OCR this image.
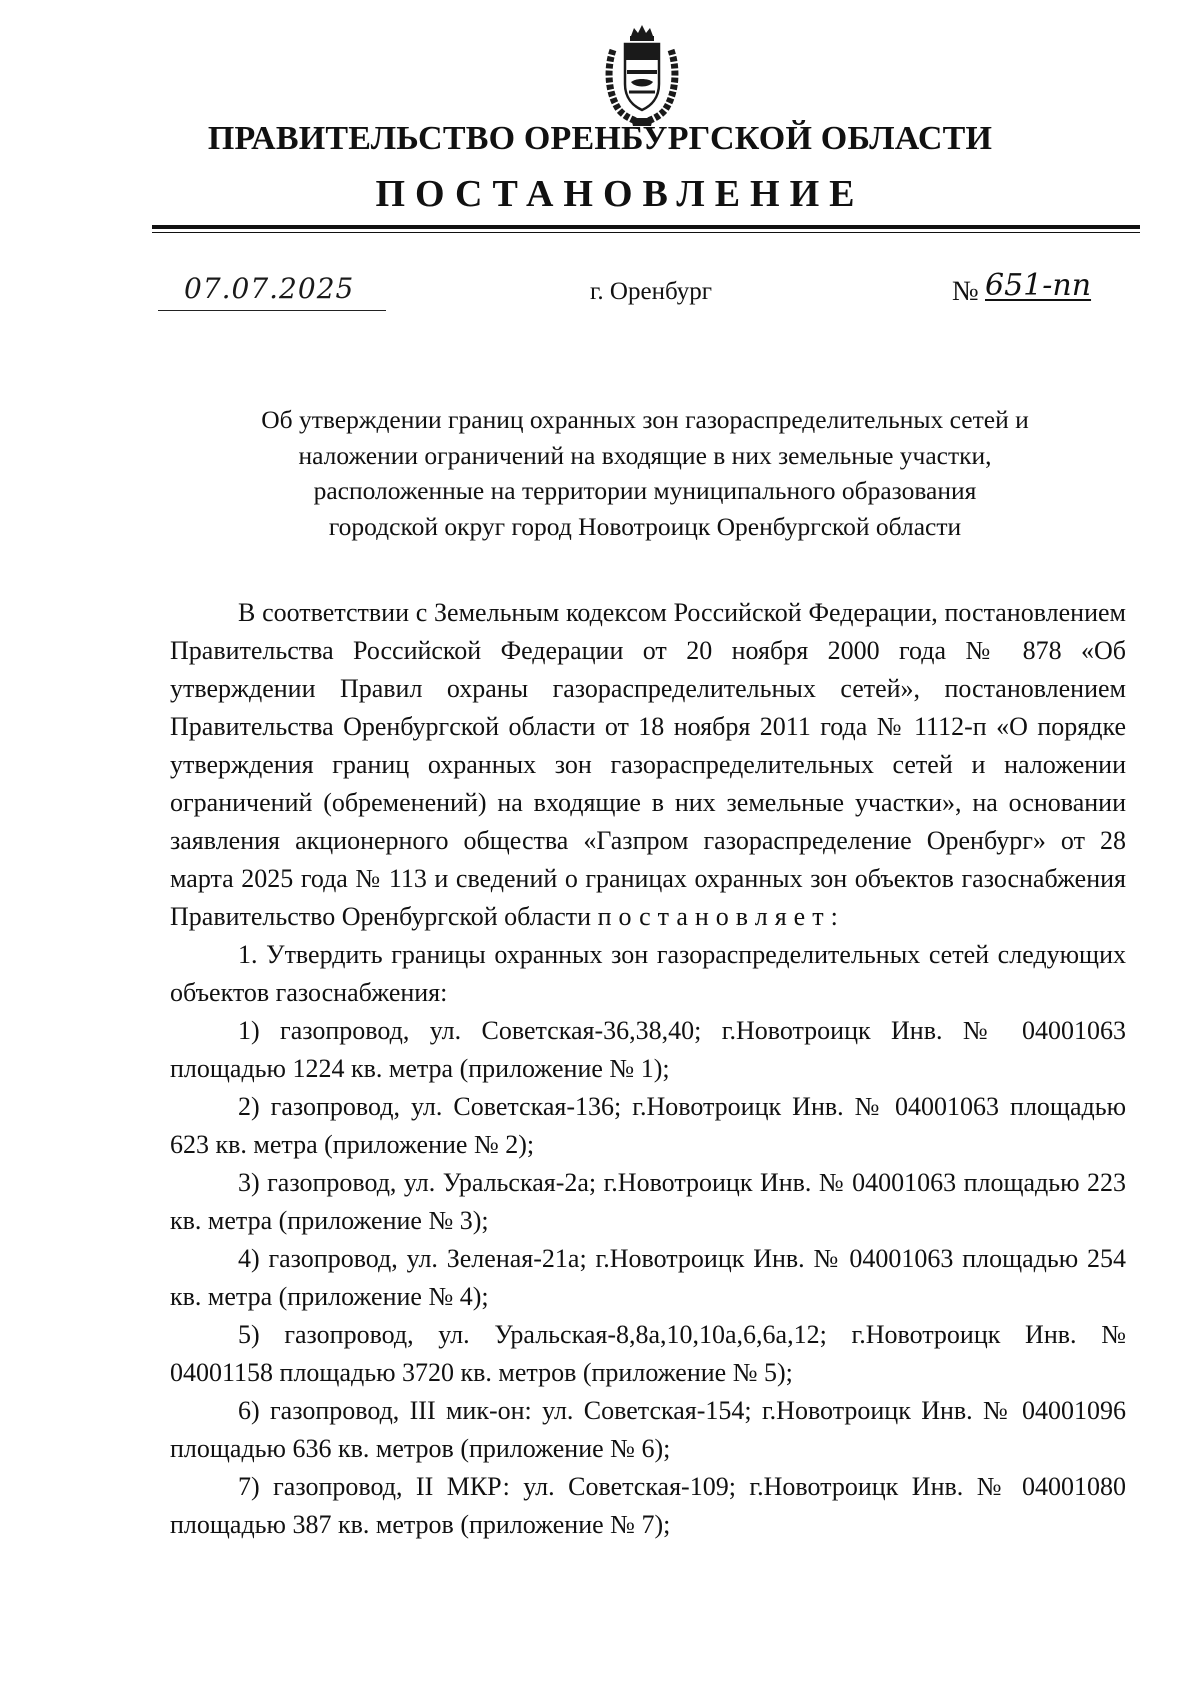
ПРАВИТЕЛЬСТВО ОРЕНБУРГСКОЙ ОБЛАСТИ
ПОСТАНОВЛЕНИЕ
07.07.2025	г. Оренбург	№ 651-пп
Об утверждении границ охранных зон газораспределительных сетей и
наложении ограничений на входящие в них земельные участки,
расположенные на территории муниципального образования
городской округ город Новотроицк Оренбургской области

В соответствии с Земельным кодексом Российской Федерации, постановлением Правительства Российской Федерации от 20 ноября 2000 года № 878 «Об утверждении Правил охраны газораспределительных сетей», постановлением Правительства Оренбургской области от 18 ноября 2011 года № 1112-п «О порядке утверждения границ охранных зон газораспределительных сетей и наложении ограничений (обременений) на входящие в них земельные участки», на основании заявления акционерного общества «Газпром газораспределение Оренбург» от 28 марта 2025 года № 113 и сведений о границах охранных зон объектов газоснабжения Правительство Оренбургской области постановляет:

1. Утвердить границы охранных зон газораспределительных сетей следующих объектов газоснабжения:

1) газопровод, ул. Советская-36,38,40; г.Новотроицк Инв. № 04001063 площадью 1224 кв. метра (приложение № 1);

2) газопровод, ул. Советская-136; г.Новотроицк Инв. № 04001063 площадью 623 кв. метра (приложение № 2);

3) газопровод, ул. Уральская-2а; г.Новотроицк Инв. № 04001063 площадью 223 кв. метра (приложение № 3);

4) газопровод, ул. Зеленая-21а; г.Новотроицк Инв. № 04001063 площадью 254 кв. метра (приложение № 4);

5) газопровод, ул. Уральская-8,8а,10,10а,6,6а,12; г.Новотроицк Инв. № 04001158 площадью 3720 кв. метров (приложение № 5);

6) газопровод, III мик-он: ул. Советская-154; г.Новотроицк Инв. № 04001096 площадью 636 кв. метров (приложение № 6);

7) газопровод, II МКР: ул. Советская-109; г.Новотроицк Инв. № 04001080 площадью 387 кв. метров (приложение № 7);
